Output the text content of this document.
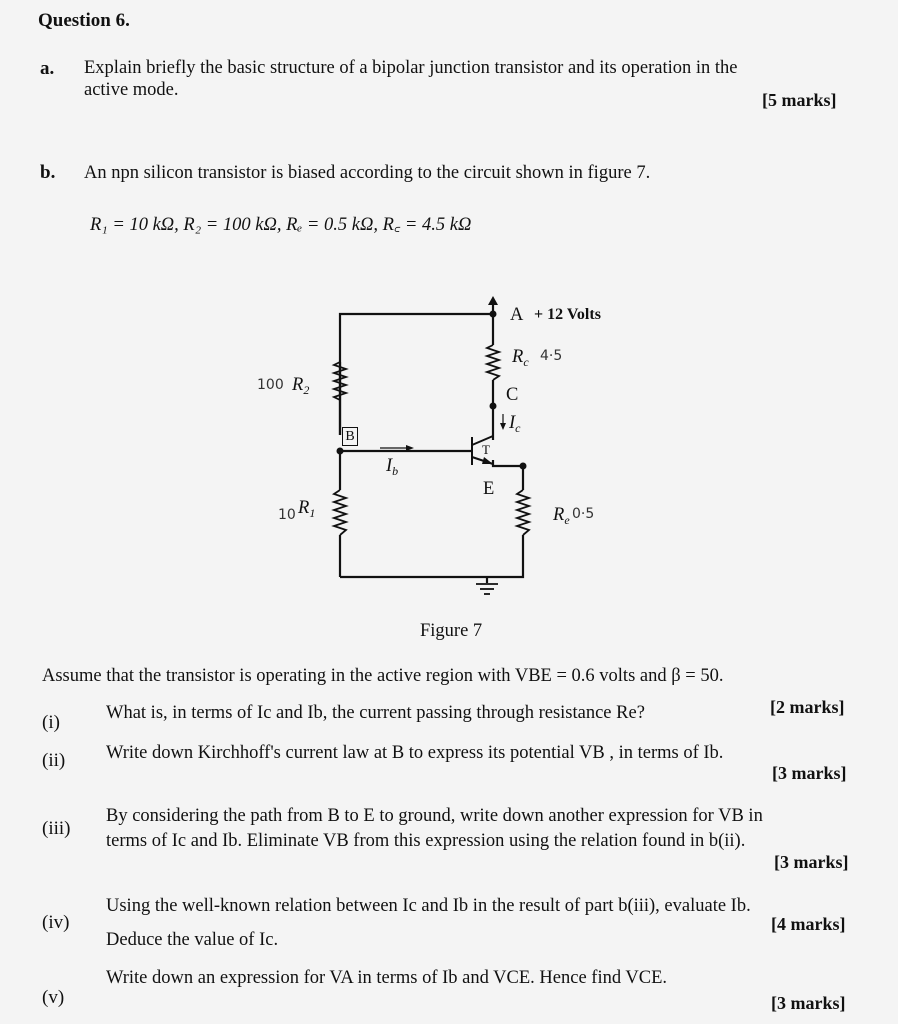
Question 6.
a. Explain briefly the basic structure of a bipolar junction transistor and its operation in the
active mode.	[5 marks]
b. An npn silicon transistor is biased according to the circuit shown in figure 7.
R₁ = 10 kΩ, R₂ = 100 kΩ, Rₑ = 0.5 kΩ, R꜀ = 4.5 kΩ
A + 12 Volts
$R_c$ 4·5
100 $R_2$	C
$I_c$
B
T
$I_b$
E
10 $R_1$	$R_e$ 0·5
Figure 7
Assume that the transistor is operating in the active region with VBE = 0.6 volts and β = 50.
(i) What is, in terms of Ic and Ib, the current passing through resistance Re?	[2 marks]
(ii) Write down Kirchhoff's current law at B to express its potential VB , in terms of Ib.
[3 marks]
(iii)
By considering the path from B to E to ground, write down another expression for VB in
terms of Ic and Ib. Eliminate VB from this expression using the relation found in b(ii).
[3 marks]
(iv)
Using the well-known relation between Ic and Ib in the result of part b(iii), evaluate Ib.
Deduce the value of Ic.
[4 marks]
(v)
Write down an expression for VA in terms of Ib and VCE. Hence find VCE.
[3 marks]
